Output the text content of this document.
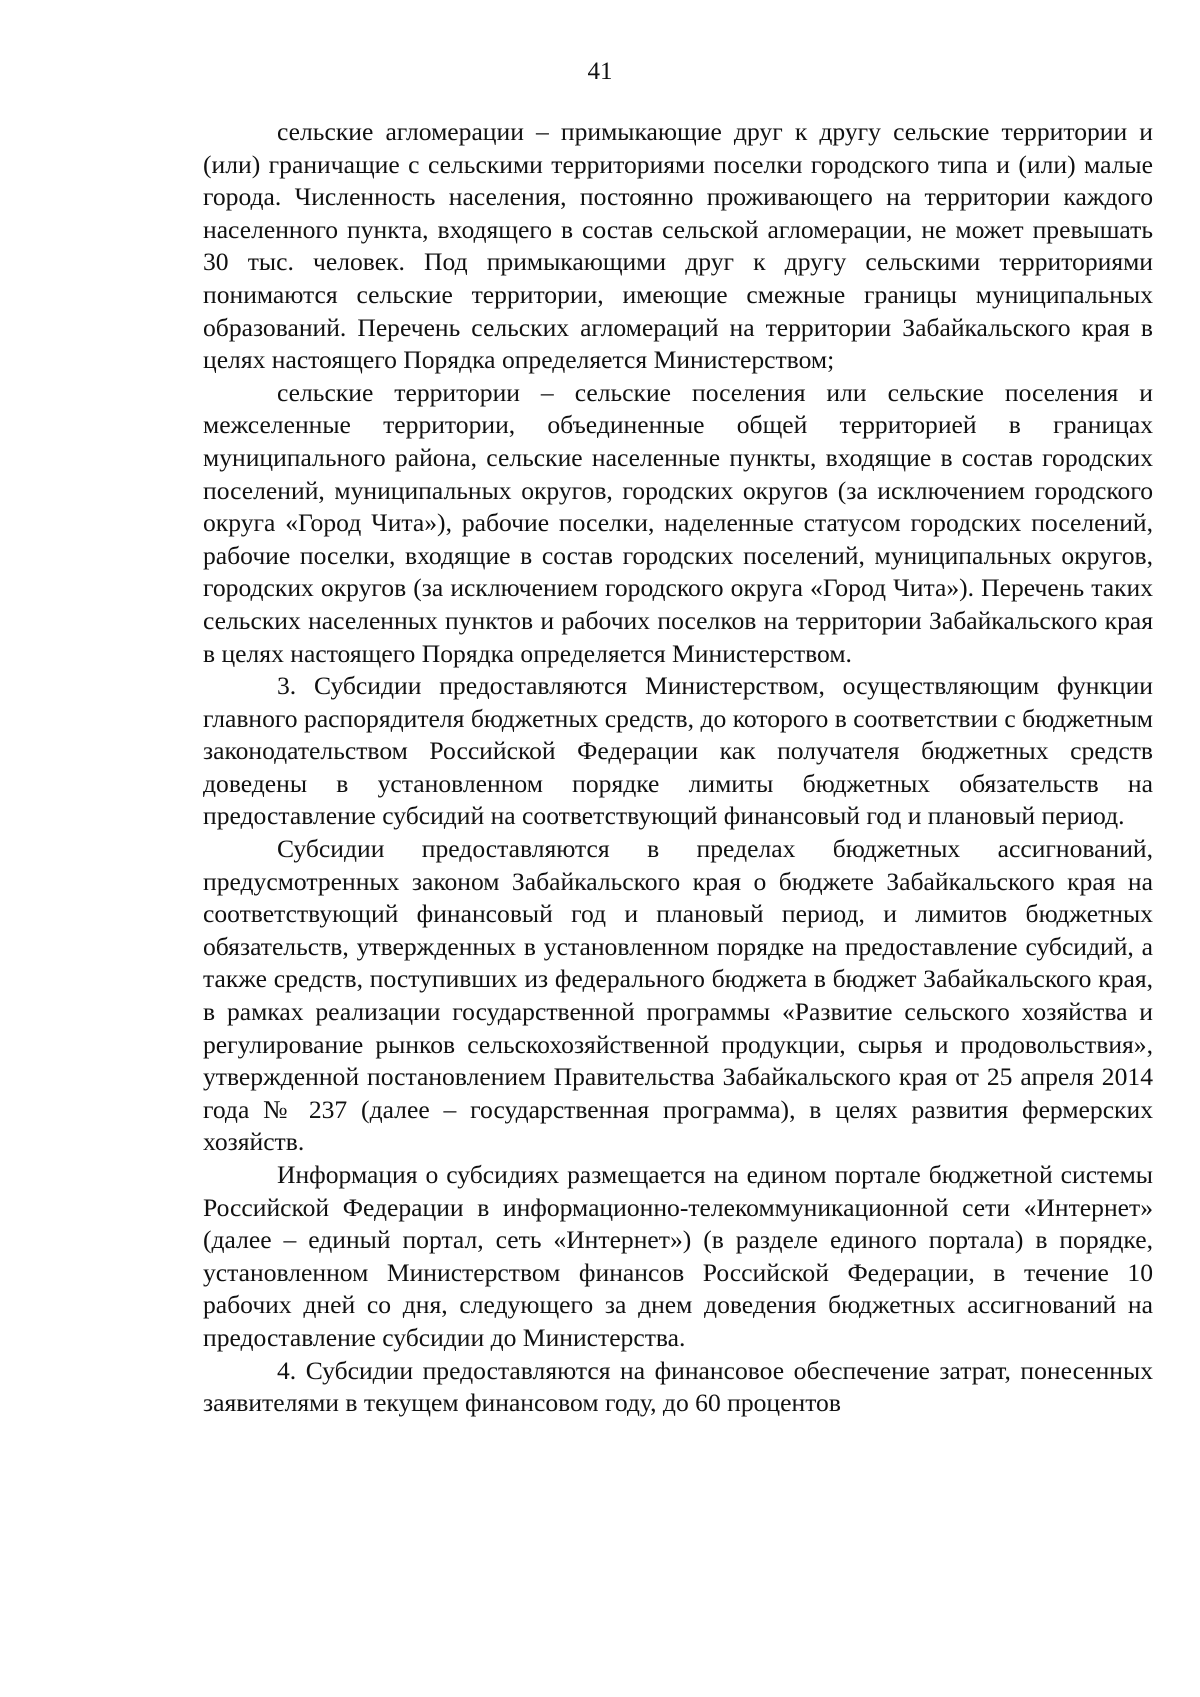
41

сельские агломерации – примыкающие друг к другу сельские территории и (или) граничащие с сельскими территориями поселки городского типа и (или) малые города. Численность населения, постоянно проживающего на территории каждого населенного пункта, входящего в состав сельской агломерации, не может превышать 30 тыс. человек. Под примыкающими друг к другу сельскими территориями понимаются сельские территории, имеющие смежные границы муниципальных образований. Перечень сельских агломераций на территории Забайкальского края в целях настоящего Порядка определяется Министерством;

сельские территории – сельские поселения или сельские поселения и межселенные территории, объединенные общей территорией в границах муниципального района, сельские населенные пункты, входящие в состав городских поселений, муниципальных округов, городских округов (за исключением городского округа «Город Чита»), рабочие поселки, наделенные статусом городских поселений, рабочие поселки, входящие в состав городских поселений, муниципальных округов, городских округов (за исключением городского округа «Город Чита»). Перечень таких сельских населенных пунктов и рабочих поселков на территории Забайкальского края в целях настоящего Порядка определяется Министерством.

3. Субсидии предоставляются Министерством, осуществляющим функции главного распорядителя бюджетных средств, до которого в соответствии с бюджетным законодательством Российской Федерации как получателя бюджетных средств доведены в установленном порядке лимиты бюджетных обязательств на предоставление субсидий на соответствующий финансовый год и плановый период.

Субсидии предоставляются в пределах бюджетных ассигнований, предусмотренных законом Забайкальского края о бюджете Забайкальского края на соответствующий финансовый год и плановый период, и лимитов бюджетных обязательств, утвержденных в установленном порядке на предоставление субсидий, а также средств, поступивших из федерального бюджета в бюджет Забайкальского края, в рамках реализации государственной программы «Развитие сельского хозяйства и регулирование рынков сельскохозяйственной продукции, сырья и продовольствия», утвержденной постановлением Правительства Забайкальского края от 25 апреля 2014 года № 237 (далее – государственная программа), в целях развития фермерских хозяйств.

Информация о субсидиях размещается на едином портале бюджетной системы Российской Федерации в информационно-телекоммуникационной сети «Интернет» (далее – единый портал, сеть «Интернет») (в разделе единого портала) в порядке, установленном Министерством финансов Российской Федерации, в течение 10 рабочих дней со дня, следующего за днем доведения бюджетных ассигнований на предоставление субсидии до Министерства.

4. Субсидии предоставляются на финансовое обеспечение затрат, понесенных заявителями в текущем финансовом году, до 60 процентов
